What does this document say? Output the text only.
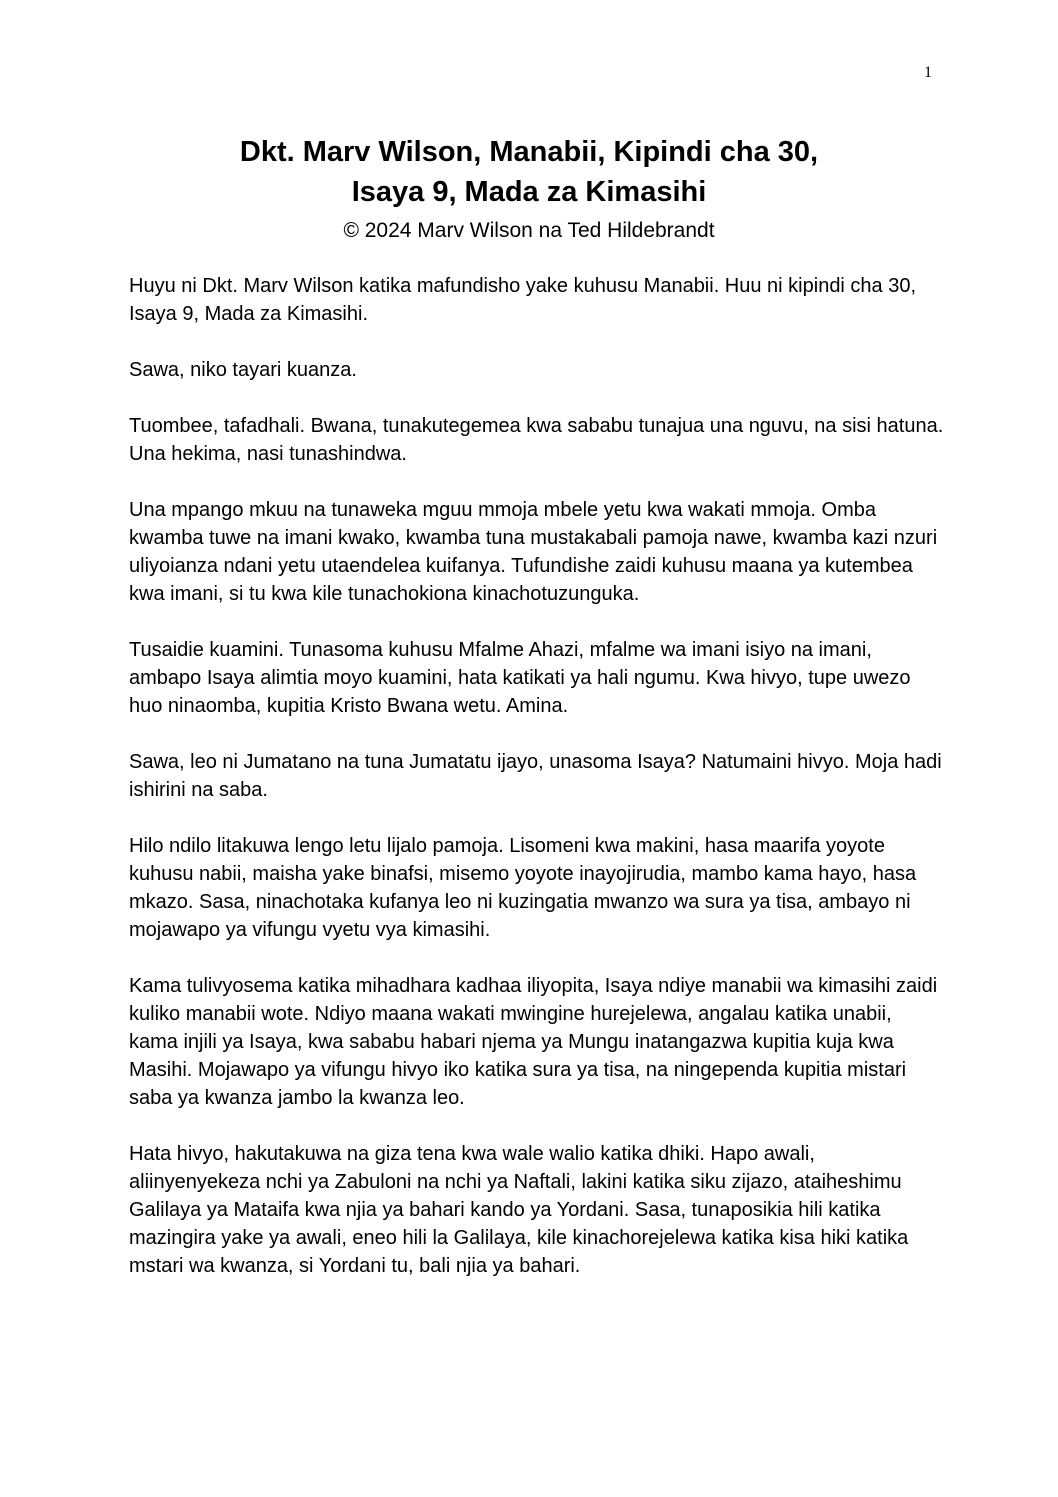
1
Dkt. Marv Wilson, Manabii, Kipindi cha 30,
Isaya 9, Mada za Kimasihi
© 2024 Marv Wilson na Ted Hildebrandt

Huyu ni Dkt. Marv Wilson katika mafundisho yake kuhusu Manabii. Huu ni kipindi cha 30, Isaya 9, Mada za Kimasihi.

Sawa, niko tayari kuanza.

Tuombee, tafadhali. Bwana, tunakutegemea kwa sababu tunajua una nguvu, na sisi hatuna. Una hekima, nasi tunashindwa.

Una mpango mkuu na tunaweka mguu mmoja mbele yetu kwa wakati mmoja. Omba kwamba tuwe na imani kwako, kwamba tuna mustakabali pamoja nawe, kwamba kazi nzuri uliyoianza ndani yetu utaendelea kuifanya. Tufundishe zaidi kuhusu maana ya kutembea kwa imani, si tu kwa kile tunachokiona kinachotuzunguka.

Tusaidie kuamini. Tunasoma kuhusu Mfalme Ahazi, mfalme wa imani isiyo na imani, ambapo Isaya alimtia moyo kuamini, hata katikati ya hali ngumu. Kwa hivyo, tupe uwezo huo ninaomba, kupitia Kristo Bwana wetu. Amina.

Sawa, leo ni Jumatano na tuna Jumatatu ijayo, unasoma Isaya? Natumaini hivyo. Moja hadi ishirini na saba.

Hilo ndilo litakuwa lengo letu lijalo pamoja. Lisomeni kwa makini, hasa maarifa yoyote kuhusu nabii, maisha yake binafsi, misemo yoyote inayojirudia, mambo kama hayo, hasa mkazo. Sasa, ninachotaka kufanya leo ni kuzingatia mwanzo wa sura ya tisa, ambayo ni mojawapo ya vifungu vyetu vya kimasihi.

Kama tulivyosema katika mihadhara kadhaa iliyopita, Isaya ndiye manabii wa kimasihi zaidi kuliko manabii wote. Ndiyo maana wakati mwingine hurejelewa, angalau katika unabii, kama injili ya Isaya, kwa sababu habari njema ya Mungu inatangazwa kupitia kuja kwa Masihi. Mojawapo ya vifungu hivyo iko katika sura ya tisa, na ningependa kupitia mistari saba ya kwanza jambo la kwanza leo.

Hata hivyo, hakutakuwa na giza tena kwa wale walio katika dhiki. Hapo awali, aliinyenyekeza nchi ya Zabuloni na nchi ya Naftali, lakini katika siku zijazo, ataiheshimu Galilaya ya Mataifa kwa njia ya bahari kando ya Yordani. Sasa, tunaposikia hili katika mazingira yake ya awali, eneo hili la Galilaya, kile kinachorejelewa katika kisa hiki katika mstari wa kwanza, si Yordani tu, bali njia ya bahari.
